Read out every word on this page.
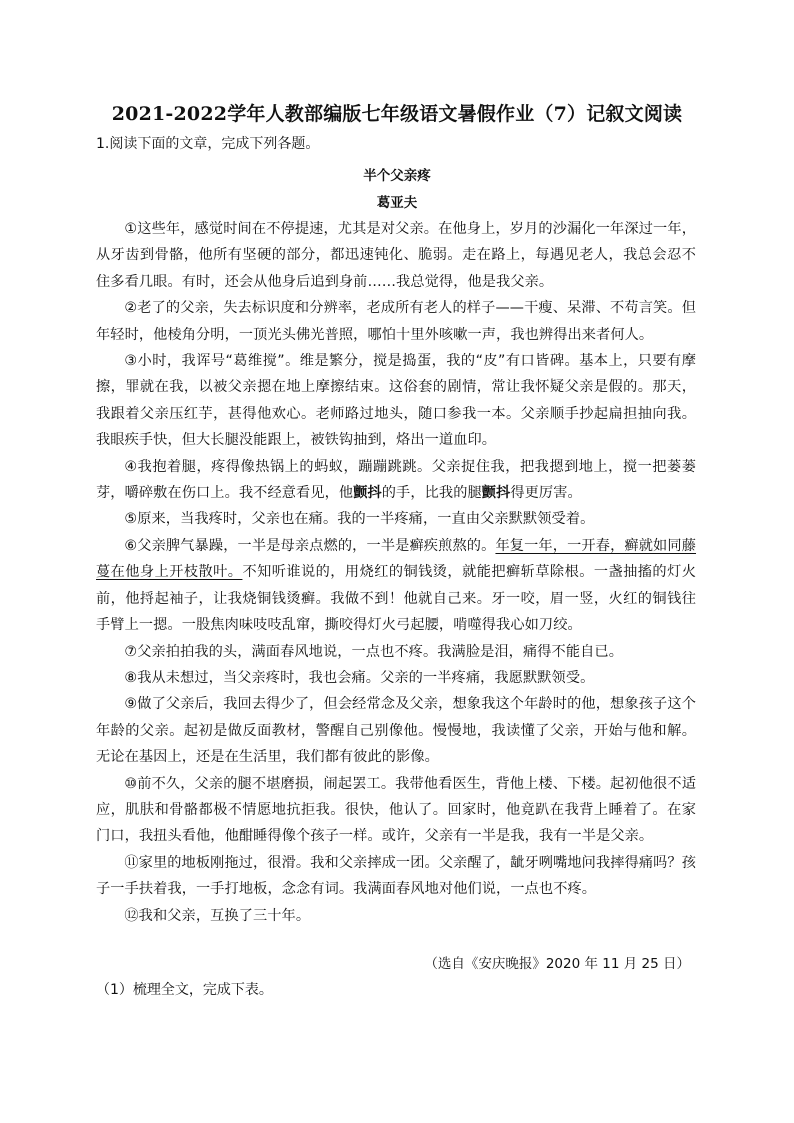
2021-2022学年人教部编版七年级语文暑假作业（7）记叙文阅读

1.阅读下面的文章，完成下列各题。

半个父亲疼

葛亚夫

①这些年，感觉时间在不停提速，尤其是对父亲。在他身上，岁月的沙漏化一年深过一年，从牙齿到骨骼，他所有坚硬的部分，都迅速钝化、脆弱。走在路上，每遇见老人，我总会忍不住多看几眼。有时，还会从他身后追到身前……我总觉得，他是我父亲。

②老了的父亲，失去标识度和分辨率，老成所有老人的样子——干瘦、呆滞、不苟言笑。但年轻时，他棱角分明，一顶光头佛光普照，哪怕十里外咳嗽一声，我也辨得出来者何人。

③小时，我诨号“葛维搅”。维是繁分，搅是捣蛋，我的“皮”有口皆碑。基本上，只要有摩擦，罪就在我，以被父亲摁在地上摩擦结束。这俗套的剧情，常让我怀疑父亲是假的。那天，我跟着父亲压红芋，甚得他欢心。老师路过地头，随口参我一本。父亲顺手抄起扁担抽向我。我眼疾手快，但大长腿没能跟上，被铁钩抽到，烙出一道血印。

④我抱着腿，疼得像热锅上的蚂蚁，蹦蹦跳跳。父亲捉住我，把我摁到地上，搅一把蒌蒌芽，嚼碎敷在伤口上。我不经意看见，他颤抖的手，比我的腿颤抖得更厉害。

⑤原来，当我疼时，父亲也在痛。我的一半疼痛，一直由父亲默默领受着。

⑥父亲脾气暴躁，一半是母亲点燃的，一半是癣疾煎熬的。年复一年，一开春，癣就如同藤蔓在他身上开枝散叶。不知听谁说的，用烧红的铜钱烫，就能把癣斩草除根。一盏抽搐的灯火前，他捋起袖子，让我烧铜钱烫癣。我做不到！他就自己来。牙一咬，眉一竖，火红的铜钱往手臂上一摁。一股焦肉味吱吱乱窜，撕咬得灯火弓起腰，啃噬得我心如刀绞。

⑦父亲拍拍我的头，满面春风地说，一点也不疼。我满脸是泪，痛得不能自已。

⑧我从未想过，当父亲疼时，我也会痛。父亲的一半疼痛，我愿默默领受。

⑨做了父亲后，我回去得少了，但会经常念及父亲，想象我这个年龄时的他，想象孩子这个年龄的父亲。起初是做反面教材，警醒自己别像他。慢慢地，我读懂了父亲，开始与他和解。无论在基因上，还是在生活里，我们都有彼此的影像。

⑩前不久，父亲的腿不堪磨损，闹起罢工。我带他看医生，背他上楼、下楼。起初他很不适应，肌肤和骨骼都极不情愿地抗拒我。很快，他认了。回家时，他竟趴在我背上睡着了。在家门口，我扭头看他，他酣睡得像个孩子一样。或许，父亲有一半是我，我有一半是父亲。

⑪家里的地板刚拖过，很滑。我和父亲摔成一团。父亲醒了，龇牙咧嘴地问我摔得痛吗？孩子一手扶着我，一手打地板，念念有词。我满面春风地对他们说，一点也不疼。

⑫我和父亲，互换了三十年。

（选自《安庆晚报》2020 年 11 月 25 日）

（1）梳理全文，完成下表。
